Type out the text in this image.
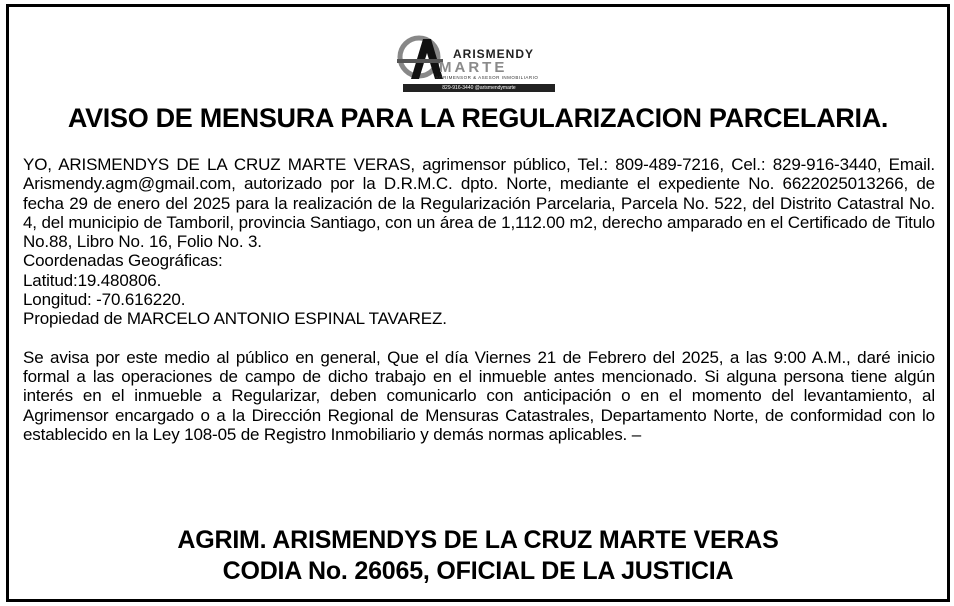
ARISMENDY
MARTE
AGRIMENSOR & ASESOR INMOBILIARIO
829-916-3440 @arismendymarte
AVISO DE MENSURA PARA LA REGULARIZACION PARCELARIA.

YO, ARISMENDYS DE LA CRUZ MARTE VERAS, agrimensor público, Tel.: 809-489-7216, Cel.: 829-916-3440, Email. Arismendy.agm@gmail.com, autorizado por la D.R.M.C. dpto. Norte, mediante el expediente No. 6622025013266, de fecha 29 de enero del 2025 para la realización de la Regularización Parcelaria, Parcela No. 522, del Distrito Catastral No. 4, del municipio de Tamboril, provincia Santiago, con un área de 1,112.00 m2, derecho amparado en el Certificado de Titulo No.88, Libro No. 16, Folio No. 3.

Coordenadas Geográficas:

Latitud:19.480806.

Longitud: -70.616220.

Propiedad de MARCELO ANTONIO ESPINAL TAVAREZ.

Se avisa por este medio al público en general, Que el día Viernes 21 de Febrero del 2025, a las 9:00 A.M., daré inicio formal a las operaciones de campo de dicho trabajo en el inmueble antes mencionado. Si alguna persona tiene algún interés en el inmueble a Regularizar, deben comunicarlo con anticipación o en el momento del levantamiento, al Agrimensor encargado o a la Dirección Regional de Mensuras Catastrales, Departamento Norte, de conformidad con lo establecido en la Ley 108-05 de Registro Inmobiliario y demás normas aplicables. –

AGRIM. ARISMENDYS DE LA CRUZ MARTE VERAS
CODIA No. 26065, OFICIAL DE LA JUSTICIA
